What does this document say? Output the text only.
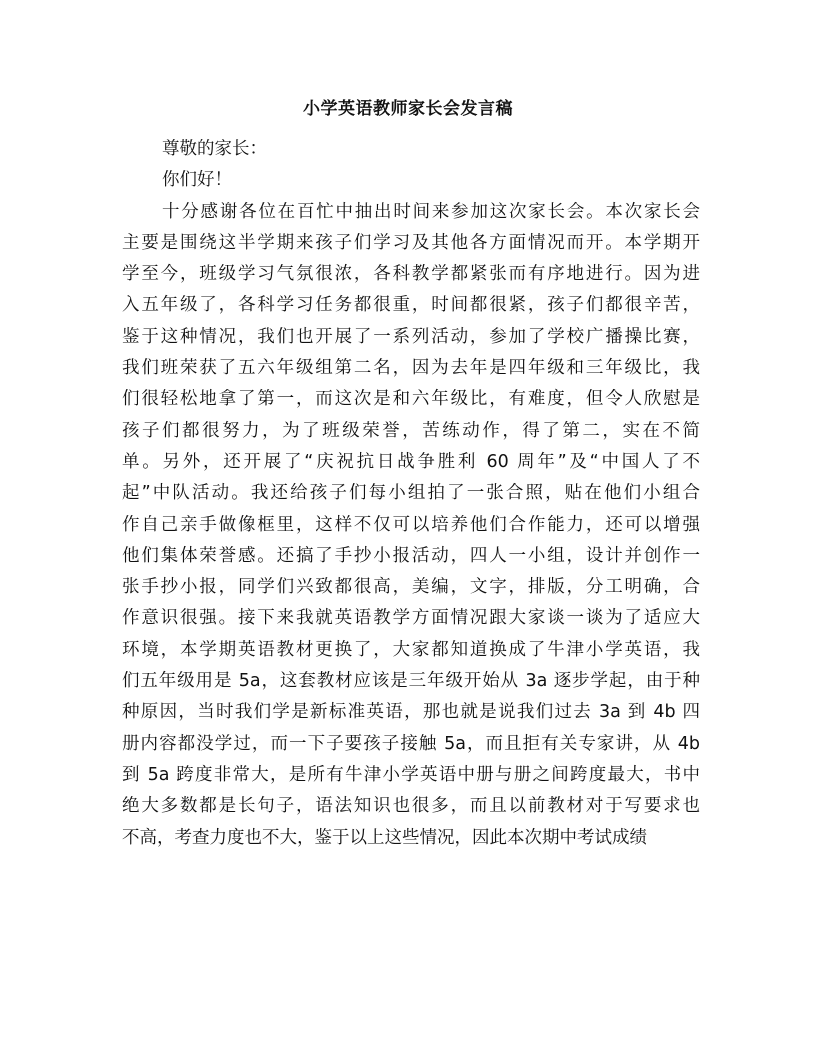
小学英语教师家长会发言稿

尊敬的家长：

你们好！

十分感谢各位在百忙中抽出时间来参加这次家长会。本次家长会
主要是围绕这半学期来孩子们学习及其他各方面情况而开。本学期开
学至今，班级学习气氛很浓，各科教学都紧张而有序地进行。因为进
入五年级了，各科学习任务都很重，时间都很紧，孩子们都很辛苦，
鉴于这种情况，我们也开展了一系列活动，参加了学校广播操比赛，
我们班荣获了五六年级组第二名，因为去年是四年级和三年级比，我
们很轻松地拿了第一，而这次是和六年级比，有难度，但令人欣慰是
孩子们都很努力，为了班级荣誉，苦练动作，得了第二，实在不简
单。另外，还开展了“庆祝抗日战争胜利 60 周年”及“中国人了不
起”中队活动。我还给孩子们每小组拍了一张合照，贴在他们小组合
作自己亲手做像框里，这样不仅可以培养他们合作能力，还可以增强
他们集体荣誉感。还搞了手抄小报活动，四人一小组，设计并创作一
张手抄小报，同学们兴致都很高，美编，文字，排版，分工明确，合
作意识很强。接下来我就英语教学方面情况跟大家谈一谈为了适应大
环境，本学期英语教材更换了，大家都知道换成了牛津小学英语，我
们五年级用是 5a，这套教材应该是三年级开始从 3a 逐步学起，由于种
种原因，当时我们学是新标准英语，那也就是说我们过去 3a 到 4b 四
册内容都没学过，而一下子要孩子接触 5a，而且拒有关专家讲，从 4b
到 5a 跨度非常大，是所有牛津小学英语中册与册之间跨度最大，书中
绝大多数都是长句子，语法知识也很多，而且以前教材对于写要求也
不高，考查力度也不大，鉴于以上这些情况，因此本次期中考试成绩
